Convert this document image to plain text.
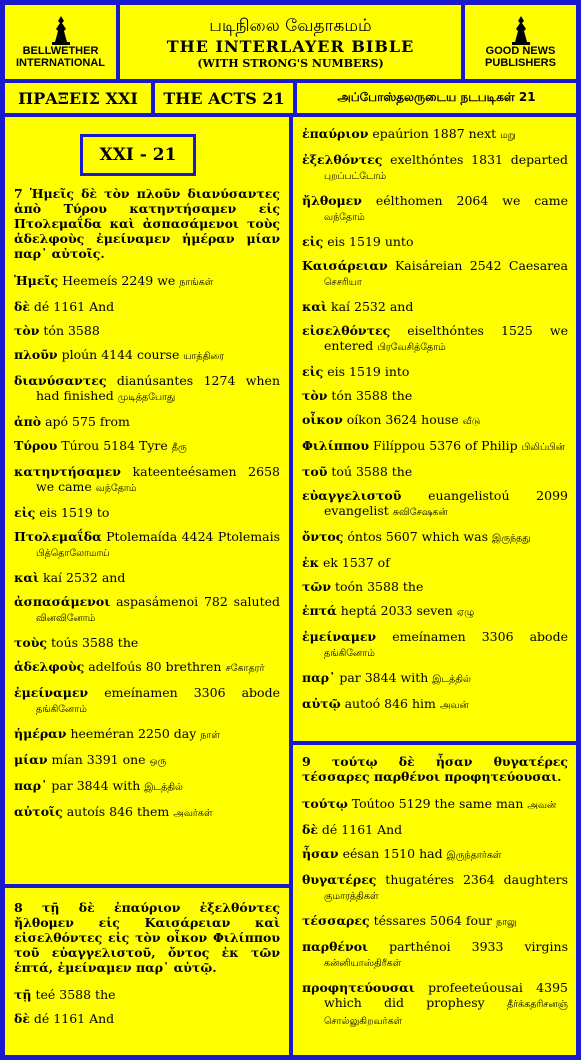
BELLWETHER
INTERNATIONAL
படிநிலை வேதாகமம்
THE INTERLAYER BIBLE
(WITH STRONG'S NUMBERS)
GOOD NEWS
PUBLISHERS
ΠΡΑΞΕΙΣ XXI	THE ACTS 21	அப்போஸ்தலருடைய நடபடிகள் 21
XXI - 21
7 Ἡμεῖς δὲ τὸν πλοῦν διανύσαντες ἀπὸ Τύρου κατηντήσαμεν εἰς Πτολεμαΐδα καὶ ἀσπασάμενοι τοὺς ἀδελφοὺς ἐμείναμεν ἡμέραν μίαν παρ᾽ αὐτοῖς.
Ἡμεῖς Heemeís 2249 we நாங்கள்
δὲ dé 1161 And
τὸν tón 3588
πλοῦν ploún 4144 course யாத்திரை
διανύσαντες dianúsantes 1274 when had finished முடித்தபோது
ἀπὸ apó 575 from
Τύρου Túrou 5184 Tyre தீரு
κατηντήσαμεν kateenteésamen 2658 we came வந்தோம்
εἰς eis 1519 to
Πτολεμαΐδα Ptolemaída 4424 Ptolemais பித்தொலோமாய்
καὶ kaí 2532 and
ἀσπασάμενοι aspasámenoi 782 saluted வினவினோம்
τοὺς toús 3588 the
ἀδελφοὺς adelfoús 80 brethren சகோதரர்
ἐμείναμεν emeínamen 3306 abode தங்கினோம்
ἡμέραν heeméran 2250 day நாள்
μίαν mían 3391 one ஒரு
παρ᾽ par 3844 with இடத்தில்
αὐτοῖς autoís 846 them அவர்கள்
8 τῇ δὲ ἐπαύριον ἐξελθόντες ἤλθομεν εἰς Καισάρειαν καὶ εἰσελθόντες εἰς τὸν οἶκον Φιλίππου τοῦ εὐαγγελιστοῦ, ὄντος ἐκ τῶν ἑπτά, ἐμείναμεν παρ᾽ αὐτῷ.
τῇ teé 3588 the
δὲ dé 1161 And
ἐπαύριον epaúrion 1887 next மறு
ἐξελθόντες exelthóntes 1831 departed புறப்பட்டோம்
ἤλθομεν eélthomen 2064 we came வந்தோம்
εἰς eis 1519 unto
Καισάρειαν Kaisáreian 2542 Caesarea செசரியா
καὶ kaí 2532 and
εἰσελθόντες eiselthóntes 1525 we entered பிரவேசித்தோம்
εἰς eis 1519 into
τὸν tón 3588 the
οἶκον oíkon 3624 house வீடு
Φιλίππου Filíppou 5376 of Philip பிலிப்பின்
τοῦ toú 3588 the
εὐαγγελιστοῦ euangelistoú 2099 evangelist சுவிசேஷகன்
ὄντος óntos 5607 which was இருந்தது
ἐκ ek 1537 of
τῶν toón 3588 the
ἑπτά heptá 2033 seven ஏழு
ἐμείναμεν emeínamen 3306 abode தங்கினோம்
παρ᾽ par 3844 with இடத்தில்
αὐτῷ autoó 846 him அவன்
9 τούτῳ δὲ ἦσαν θυγατέρες τέσσαρες παρθένοι προφητεύουσαι.
τούτῳ Toútoo 5129 the same man அவன்
δὲ dé 1161 And
ἦσαν eésan 1510 had இருந்தார்கள்
θυγατέρες thugatéres 2364 daughters குமாரத்திகள்
τέσσαρες téssares 5064 four நாலு
παρθένοι parthénoi 3933 virgins கன்னியாஸ்திரீகள்
προφητεύουσαι profeeteúousai 4395 which did prophesy தீர்க்கதரிசனஞ் சொல்லுகிறவர்கள்
